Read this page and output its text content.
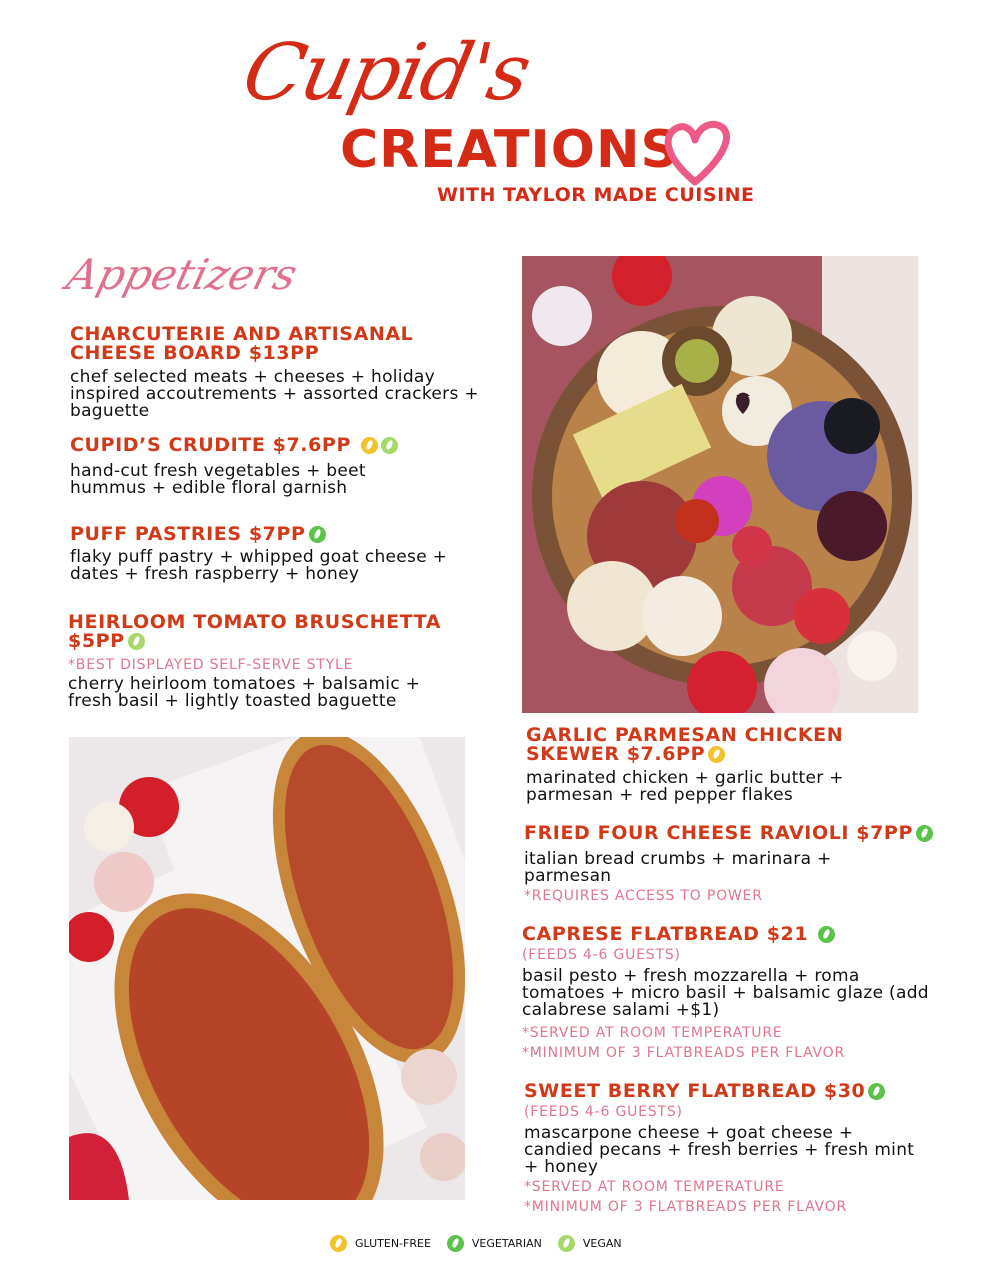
Cupid's
CREATIONS
WITH TAYLOR MADE CUISINE
Appetizers
CHARCUTERIE AND ARTISANAL CHEESE BOARD $13PP
chef selected meats + cheeses + holiday inspired accoutrements + assorted crackers + baguette
CUPID’S CRUDITE $7.6PP
hand-cut fresh vegetables + beet hummus + edible floral garnish
PUFF PASTRIES $7PP
flaky puff pastry + whipped goat cheese + dates + fresh raspberry + honey
HEIRLOOM TOMATO BRUSCHETTA $5PP
*BEST DISPLAYED SELF-SERVE STYLE
cherry heirloom tomatoes + balsamic + fresh basil + lightly toasted baguette
GARLIC PARMESAN CHICKEN SKEWER $7.6PP
marinated chicken + garlic butter + parmesan + red pepper flakes
FRIED FOUR CHEESE RAVIOLI $7PP
italian bread crumbs + marinara + parmesan
*REQUIRES ACCESS TO POWER
CAPRESE FLATBREAD $21
(FEEDS 4-6 GUESTS)
basil pesto + fresh mozzarella + roma tomatoes + micro basil + balsamic glaze (add calabrese salami +$1)
*SERVED AT ROOM TEMPERATURE
*MINIMUM OF 3 FLATBREADS PER FLAVOR
SWEET BERRY FLATBREAD $30
(FEEDS 4-6 GUESTS)
mascarpone cheese + goat cheese + candied pecans + fresh berries + fresh mint + honey
*SERVED AT ROOM TEMPERATURE
*MINIMUM OF 3 FLATBREADS PER FLAVOR
GLUTEN-FREE	VEGETARIAN	VEGAN
